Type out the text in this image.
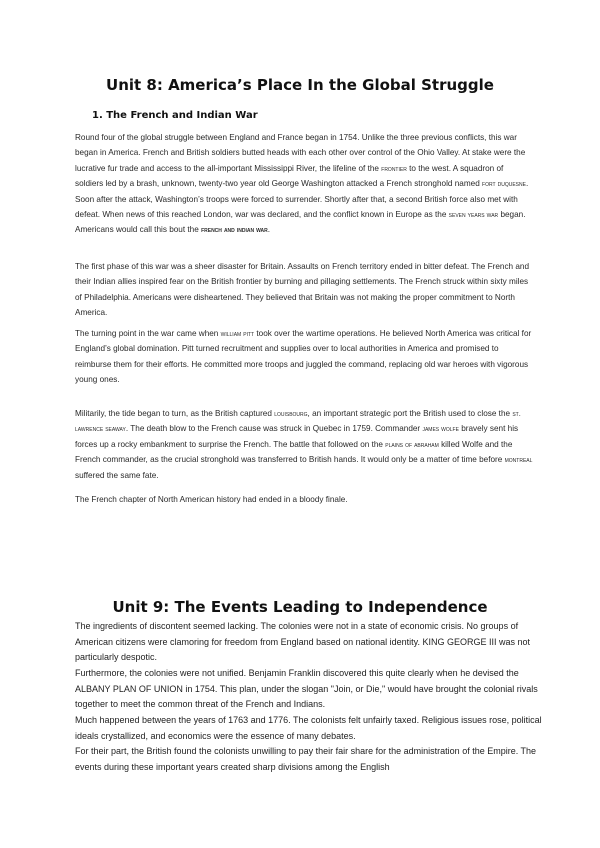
Unit 8: America’s Place In the Global Struggle
1. The French and Indian War
Round four of the global struggle between England and France began in 1754. Unlike the three previous conflicts, this war began in America. French and British soldiers butted heads with each other over control of the Ohio Valley. At stake were the lucrative fur trade and access to the all-important Mississippi River, the lifeline of the frontier to the west. A squadron of soldiers led by a brash, unknown, twenty-two year old George Washington attacked a French stronghold named fort duquesne. Soon after the attack, Washington’s troops were forced to surrender. Shortly after that, a second British force also met with defeat. When news of this reached London, war was declared, and the conflict known in Europe as the seven years war began. Americans would call this bout the french and indian war.
The first phase of this war was a sheer disaster for Britain. Assaults on French territory ended in bitter defeat. The French and their Indian allies inspired fear on the British frontier by burning and pillaging settlements. The French struck within sixty miles of Philadelphia. Americans were disheartened. They believed that Britain was not making the proper commitment to North America.
The turning point in the war came when william pitt took over the wartime operations. He believed North America was critical for England’s global domination. Pitt turned recruitment and supplies over to local authorities in America and promised to reimburse them for their efforts. He committed more troops and juggled the command, replacing old war heroes with vigorous young ones.
Militarily, the tide began to turn, as the British captured louisbourg, an important strategic port the British used to close the st. lawrence seaway. The death blow to the French cause was struck in Quebec in 1759. Commander james wolfe bravely sent his forces up a rocky embankment to surprise the French. The battle that followed on the plains of abraham killed Wolfe and the French commander, as the crucial stronghold was transferred to British hands. It would only be a matter of time before montreal suffered the same fate.
The French chapter of North American history had ended in a bloody finale.
Unit 9: The Events Leading to Independence
The ingredients of discontent seemed lacking. The colonies were not in a state of economic crisis. No groups of American citizens were clamoring for freedom from England based on national identity. KING GEORGE III was not particularly despotic.
Furthermore, the colonies were not unified. Benjamin Franklin discovered this quite clearly when he devised the ALBANY PLAN OF UNION in 1754. This plan, under the slogan "Join, or Die," would have brought the colonial rivals together to meet the common threat of the French and Indians.
Much happened between the years of 1763 and 1776. The colonists felt unfairly taxed. Religious issues rose, political ideals crystallized, and economics were the essence of many debates.
For their part, the British found the colonists unwilling to pay their fair share for the administration of the Empire. The events during these important years created sharp divisions among the English
